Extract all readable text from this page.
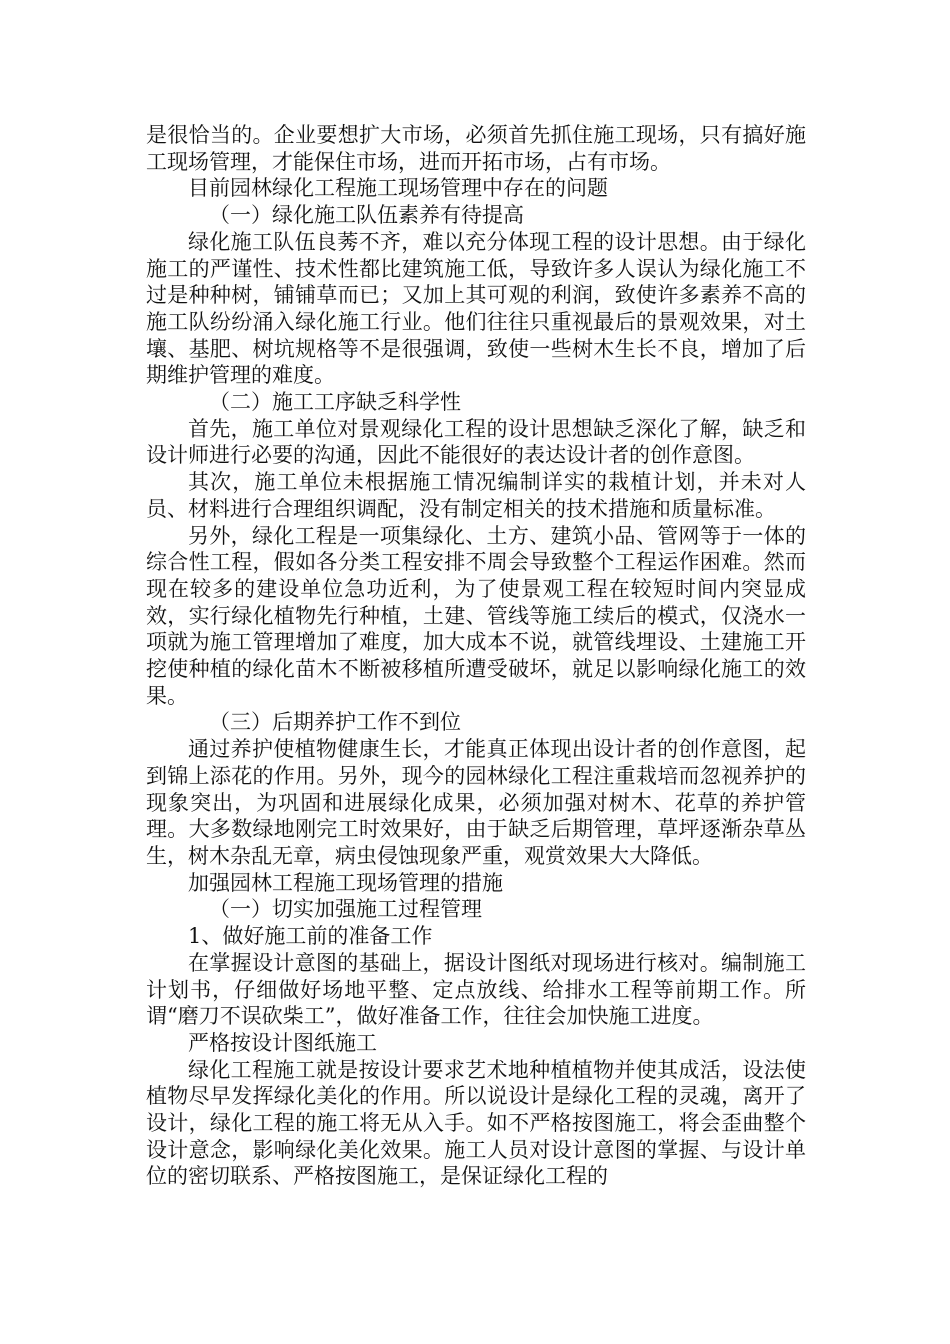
是很恰当的。企业要想扩大市场，必须首先抓住施工现场，只有搞好施工现场管理，才能保住市场，进而开拓市场，占有市场。

目前园林绿化工程施工现场管理中存在的问题

（一）绿化施工队伍素养有待提高

绿化施工队伍良莠不齐，难以充分体现工程的设计思想。由于绿化施工的严谨性、技术性都比建筑施工低，导致许多人误认为绿化施工不过是种种树，铺铺草而已；又加上其可观的利润，致使许多素养不高的施工队纷纷涌入绿化施工行业。他们往往只重视最后的景观效果，对土壤、基肥、树坑规格等不是很强调，致使一些树木生长不良，增加了后期维护管理的难度。

（二）施工工序缺乏科学性

首先，施工单位对景观绿化工程的设计思想缺乏深化了解，缺乏和设计师进行必要的沟通，因此不能很好的表达设计者的创作意图。

其次，施工单位未根据施工情况编制详实的栽植计划，并未对人员、材料进行合理组织调配，没有制定相关的技术措施和质量标准。

另外，绿化工程是一项集绿化、土方、建筑小品、管网等于一体的综合性工程，假如各分类工程安排不周会导致整个工程运作困难。然而现在较多的建设单位急功近利，为了使景观工程在较短时间内突显成效，实行绿化植物先行种植，土建、管线等施工续后的模式，仅浇水一项就为施工管理增加了难度，加大成本不说，就管线埋设、土建施工开挖使种植的绿化苗木不断被移植所遭受破坏，就足以影响绿化施工的效果。

（三）后期养护工作不到位

通过养护使植物健康生长，才能真正体现出设计者的创作意图，起到锦上添花的作用。另外，现今的园林绿化工程注重栽培而忽视养护的现象突出，为巩固和进展绿化成果，必须加强对树木、花草的养护管理。大多数绿地刚完工时效果好，由于缺乏后期管理，草坪逐渐杂草丛生，树木杂乱无章，病虫侵蚀现象严重，观赏效果大大降低。

加强园林工程施工现场管理的措施

（一）切实加强施工过程管理

1、做好施工前的准备工作

在掌握设计意图的基础上，据设计图纸对现场进行核对。编制施工计划书，仔细做好场地平整、定点放线、给排水工程等前期工作。所谓“磨刀不误砍柴工”，做好准备工作，往往会加快施工进度。

严格按设计图纸施工

绿化工程施工就是按设计要求艺术地种植植物并使其成活，设法使植物尽早发挥绿化美化的作用。所以说设计是绿化工程的灵魂，离开了设计，绿化工程的施工将无从入手。如不严格按图施工，将会歪曲整个设计意念，影响绿化美化效果。施工人员对设计意图的掌握、与设计单位的密切联系、严格按图施工，是保证绿化工程的
